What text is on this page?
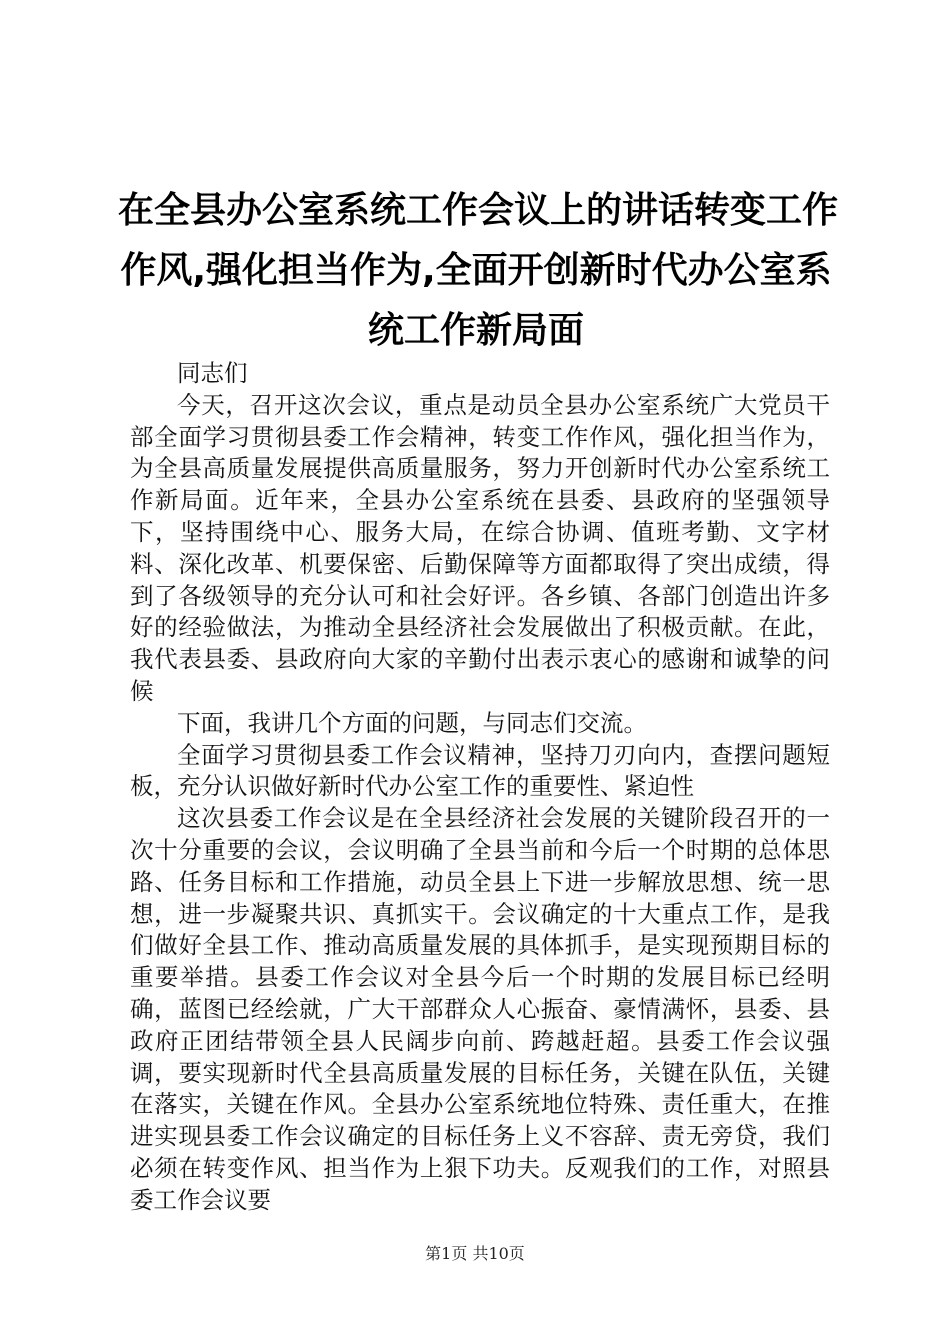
在全县办公室系统工作会议上的讲话转变工作
作风,强化担当作为,全面开创新时代办公室系
统工作新局面

同志们

今天，召开这次会议，重点是动员全县办公室系统广大党员干部全面学习贯彻县委工作会精神，转变工作作风，强化担当作为，为全县高质量发展提供高质量服务，努力开创新时代办公室系统工作新局面。近年来，全县办公室系统在县委、县政府的坚强领导下，坚持围绕中心、服务大局，在综合协调、值班考勤、文字材料、深化改革、机要保密、后勤保障等方面都取得了突出成绩，得到了各级领导的充分认可和社会好评。各乡镇、各部门创造出许多好的经验做法，为推动全县经济社会发展做出了积极贡献。在此，我代表县委、县政府向大家的辛勤付出表示衷心的感谢和诚挚的问候

下面，我讲几个方面的问题，与同志们交流。

全面学习贯彻县委工作会议精神，坚持刀刃向内，查摆问题短板，充分认识做好新时代办公室工作的重要性、紧迫性

这次县委工作会议是在全县经济社会发展的关键阶段召开的一次十分重要的会议，会议明确了全县当前和今后一个时期的总体思路、任务目标和工作措施，动员全县上下进一步解放思想、统一思想，进一步凝聚共识、真抓实干。会议确定的十大重点工作，是我们做好全县工作、推动高质量发展的具体抓手，是实现预期目标的重要举措。县委工作会议对全县今后一个时期的发展目标已经明确，蓝图已经绘就，广大干部群众人心振奋、豪情满怀，县委、县政府正团结带领全县人民阔步向前、跨越赶超。县委工作会议强调，要实现新时代全县高质量发展的目标任务，关键在队伍，关键在落实，关键在作风。全县办公室系统地位特殊、责任重大，在推进实现县委工作会议确定的目标任务上义不容辞、责无旁贷，我们必须在转变作风、担当作为上狠下功夫。反观我们的工作，对照县委工作会议要

第1页 共10页
